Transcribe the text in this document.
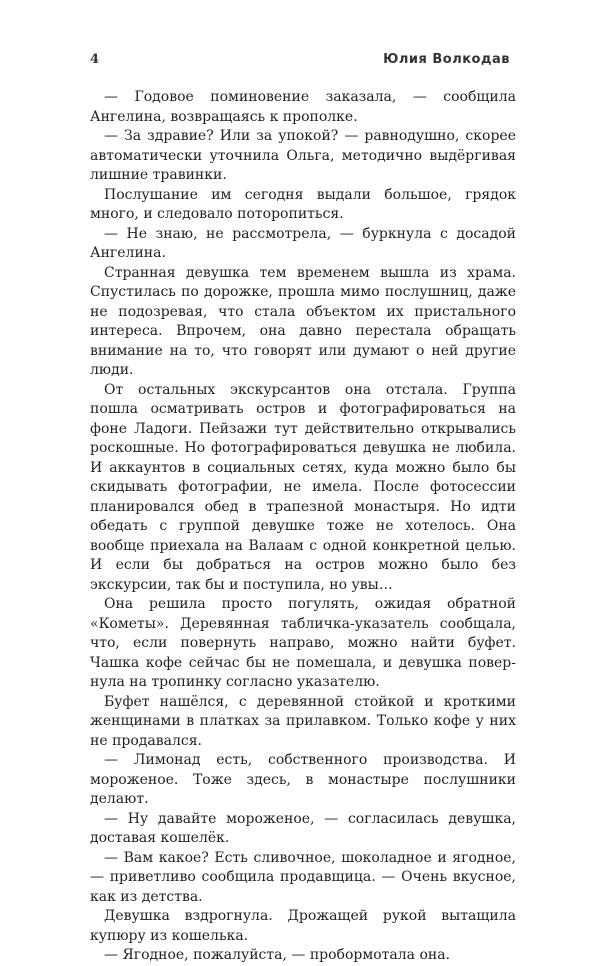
4	Юлия Волкодав

— Годовое поминовение заказала, — сообщила Ангелина, возвращаясь к прополке.

— За здравие? Или за упокой? — равнодушно, скорее автоматически уточнила Ольга, методично выдёргивая лишние травинки.

Послушание им сегодня выдали большое, грядок много, и следовало поторопиться.

— Не знаю, не рассмотрела, — буркнула с досадой Ангелина.

Странная девушка тем временем вышла из храма. Спустилась по дорожке, прошла мимо послушниц, даже не подозревая, что стала объектом их пристального интереса. Впрочем, она давно перестала обращать внимание на то, что говорят или думают о ней другие люди.

От остальных экскурсантов она отстала. Группа пошла осматривать остров и фотографироваться на фоне Ладоги. Пейзажи тут действительно открывались роскошные. Но фотографироваться девушка не любила. И аккаунтов в социальных сетях, куда можно было бы скидывать фотографии, не имела. После фотосессии планировался обед в трапезной монастыря. Но идти обедать с группой девушке тоже не хотелось. Она вообще приехала на Валаам с одной конкретной целью. И если бы добраться на остров можно было без экскурсии, так бы и поступила, но увы…

Она решила просто погулять, ожидая обратной «Кометы». Деревянная табличка-указатель сообщала, что, если повернуть направо, можно найти буфет. Чашка кофе сейчас бы не помешала, и девушка повернула на тропинку согласно указателю.

Буфет нашёлся, с деревянной стойкой и кроткими женщинами в платках за прилавком. Только кофе у них не продавался.

— Лимонад есть, собственного производства. И мороженое. Тоже здесь, в монастыре послушники делают.

— Ну давайте мороженое, — согласилась девушка, доставая кошелёк.

— Вам какое? Есть сливочное, шоколадное и ягодное, — приветливо сообщила продавщица. — Очень вкусное, как из детства.

Девушка вздрогнула. Дрожащей рукой вытащила купюру из кошелька.

— Ягодное, пожалуйста, — пробормотала она.
